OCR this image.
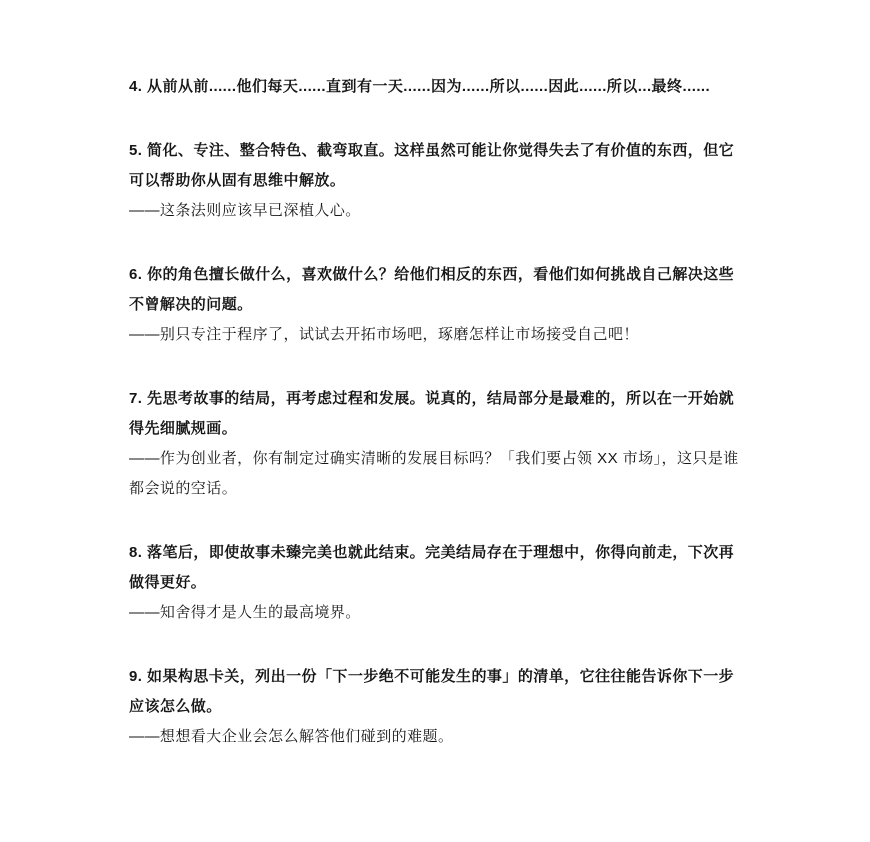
4. 从前从前......他们每天......直到有一天......因为......所以......因此......所以...最终......
5. 简化、专注、整合特色、截弯取直。这样虽然可能让你觉得失去了有价值的东西，但它
可以帮助你从固有思维中解放。
——这条法则应该早已深植人心。
6. 你的角色擅长做什么，喜欢做什么？给他们相反的东西，看他们如何挑战自己解决这些
不曾解决的问题。
——别只专注于程序了，试试去开拓市场吧，琢磨怎样让市场接受自己吧！
7. 先思考故事的结局，再考虑过程和发展。说真的，结局部分是最难的，所以在一开始就
得先细腻规画。
——作为创业者，你有制定过确实清晰的发展目标吗？「我们要占领 XX 市场」，这只是谁
都会说的空话。
8. 落笔后，即使故事未臻完美也就此结束。完美结局存在于理想中，你得向前走，下次再
做得更好。
——知舍得才是人生的最高境界。
9. 如果构思卡关，列出一份「下一步绝不可能发生的事」的清单，它往往能告诉你下一步
应该怎么做。
——想想看大企业会怎么解答他们碰到的难题。
